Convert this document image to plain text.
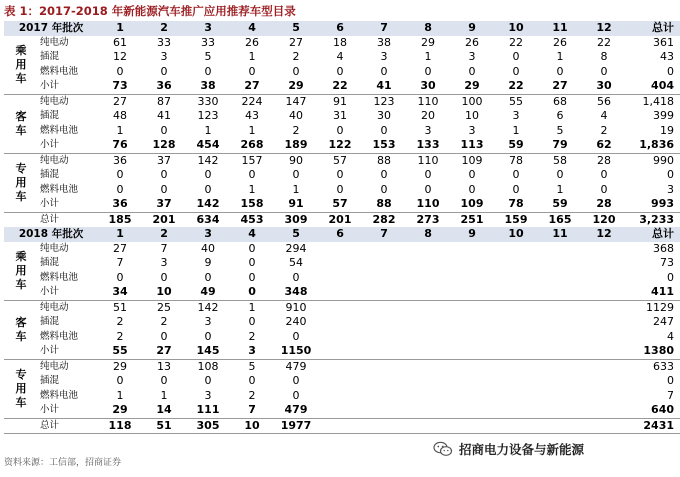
表 1：2017-2018 年新能源汽车推广应用推荐车型目录
2017 年批次		1	2	3	4	5	6	7	8	9	10	11	12	总计
乘
用
车	纯电动	61	33	33	26	27	18	38	29	26	22	26	22	361
	插混	12	3	5	1	2	4	3	1	3	0	1	8	43
	燃料电池	0	0	0	0	0	0	0	0	0	0	0	0	0
	小计	73	36	38	27	29	22	41	30	29	22	27	30	404
客
车	纯电动	27	87	330	224	147	91	123	110	100	55	68	56	1,418
	插混	48	41	123	43	40	31	30	20	10	3	6	4	399
	燃料电池	1	0	1	1	2	0	0	3	3	1	5	2	19
	小计	76	128	454	268	189	122	153	133	113	59	79	62	1,836
专
用
车	纯电动	36	37	142	157	90	57	88	110	109	78	58	28	990
	插混	0	0	0	0	0	0	0	0	0	0	0	0	0
	燃料电池	0	0	0	1	1	0	0	0	0	0	1	0	3
	小计	36	37	142	158	91	57	88	110	109	78	59	28	993
	总计	185	201	634	453	309	201	282	273	251	159	165	120	3,233
2018 年批次		1	2	3	4	5	6	7	8	9	10	11	12	总计
乘
用
车	纯电动	27	7	40	0	294								368
	插混	7	3	9	0	54								73
	燃料电池	0	0	0	0	0								0
	小计	34	10	49	0	348								411
客
车	纯电动	51	25	142	1	910								1129
	插混	2	2	3	0	240								247
	燃料电池	2	0	0	2	0								4
	小计	55	27	145	3	1150								1380
专
用
车	纯电动	29	13	108	5	479								633
	插混	0	0	0	0	0								0
	燃料电池	1	1	3	2	0								7
	小计	29	14	111	7	479								640
	总计	118	51	305	10	1977								2431
资料来源：工信部，招商证券
招商电力设备与新能源
